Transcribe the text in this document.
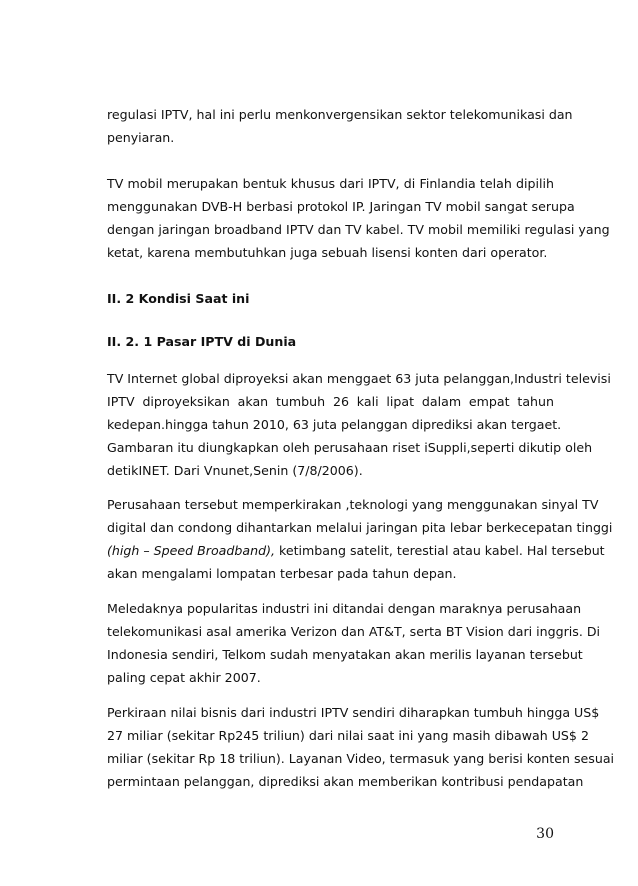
regulasi IPTV, hal ini perlu menkonvergensikan sektor telekomunikasi dan
penyiaran.
TV mobil merupakan bentuk khusus dari IPTV, di Finlandia telah dipilih
menggunakan DVB-H berbasi protokol IP. Jaringan TV mobil sangat serupa
dengan jaringan broadband IPTV dan TV kabel. TV mobil memiliki regulasi yang
ketat, karena membutuhkan juga sebuah lisensi konten dari operator.
II. 2 Kondisi Saat ini
II. 2. 1 Pasar IPTV di Dunia
TV Internet global diproyeksi akan menggaet 63 juta pelanggan,Industri televisi
IPTV diproyeksikan akan tumbuh 26 kali lipat dalam empat tahun
kedepan.hingga tahun 2010, 63 juta pelanggan diprediksi akan tergaet.
Gambaran itu diungkapkan oleh perusahaan riset iSuppli,seperti dikutip oleh
detikINET. Dari Vnunet,Senin (7/8/2006).
Perusahaan tersebut memperkirakan ,teknologi yang menggunakan sinyal TV
digital dan condong dihantarkan melalui jaringan pita lebar berkecepatan tinggi
(high – Speed Broadband), ketimbang satelit, terestial atau kabel. Hal tersebut
akan mengalami lompatan terbesar pada tahun depan.
Meledaknya popularitas industri ini ditandai dengan maraknya perusahaan
telekomunikasi asal amerika Verizon dan AT&T, serta BT Vision dari inggris. Di
Indonesia sendiri, Telkom sudah menyatakan akan merilis layanan tersebut
paling cepat akhir 2007.
Perkiraan nilai bisnis dari industri IPTV sendiri diharapkan tumbuh hingga US$
27 miliar (sekitar Rp245 triliun) dari nilai saat ini yang masih dibawah US$ 2
miliar (sekitar Rp 18 triliun). Layanan Video, termasuk yang berisi konten sesuai
permintaan pelanggan, diprediksi akan memberikan kontribusi pendapatan
30
